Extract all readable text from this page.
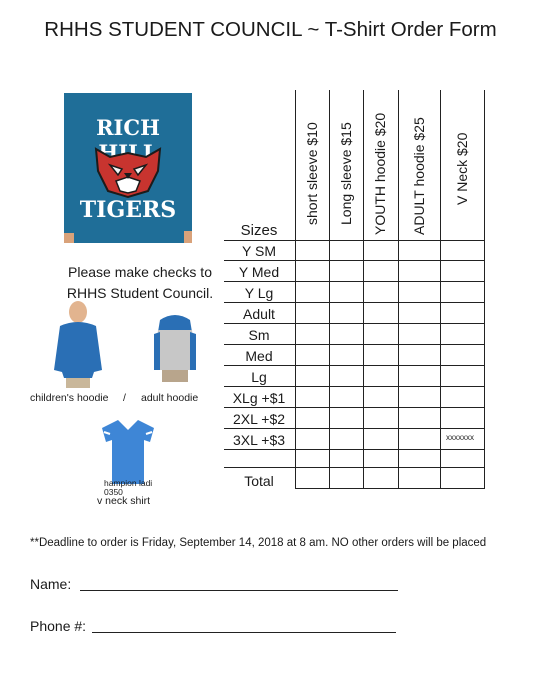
RHHS STUDENT COUNCIL ~ T-Shirt Order Form
RICH
TIGERS
Please make checks to
RHHS Student Council.
children's hoodie / adult hoodie
hampion ladi
0350
v neck shirt
Sizes
Y SM
Y Med
Y Lg
Adult
Sm
Med
Lg
XLg +$1
2XL +$2
3XL +$3
Total
short sleeve $10 Long sleeve $15 YOUTH hoodie $20 ADULT hoodie $25 V Neck $20
xxxxxxx
**Deadline to order is Friday, September 14, 2018 at 8 am. NO other orders will be placed
Name:
Phone #:
